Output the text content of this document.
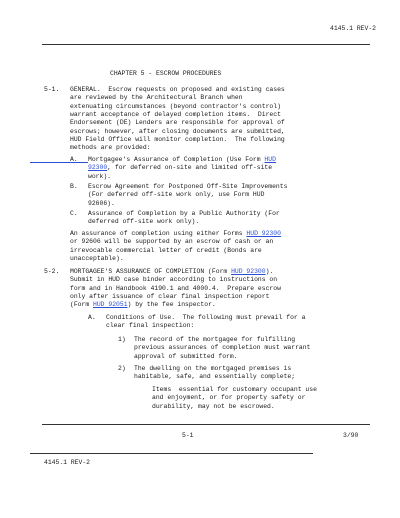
4145.1 REV-2
CHAPTER 5 - ESCROW PROCEDURES
5-1. GENERAL.  Escrow requests on proposed and existing cases
are reviewed by the Architectural Branch when
extenuating circumstances (beyond contractor's control)
warrant acceptance of delayed completion items.  Direct
Endorsement (DE) Lenders are responsible for approval of
escrows; however, after closing documents are submitted,
HUD Field Office will monitor completion.  The following
methods are provided:
A. Mortgagee's Assurance of Completion (Use Form HUD
92300, for deferred on-site and limited off-site
work).
B. Escrow Agreement for Postponed Off-Site Improvements
(For deferred off-site work only, use Form HUD
92606).
C. Assurance of Completion by a Public Authority (For
deferred off-site work only).
An assurance of completion using either Forms HUD 92300
or 92606 will be supported by an escrow of cash or an
irrevocable commercial letter of credit (Bonds are
unacceptable).
5-2. MORTGAGEE'S ASSURANCE OF COMPLETION (Form HUD 92300).
Submit in HUD case binder according to instructions on
form and in Handbook 4190.1 and 4000.4.  Prepare escrow
only after issuance of clear final inspection report
(Form HUD 92051) by the fee inspector.
A. Conditions of Use.  The following must prevail for a
clear final inspection:
1) The record of the mortgagee for fulfilling
previous assurances of completion must warrant
approval of submitted form.
2) The dwelling on the mortgaged premises is
habitable, safe, and essentially complete;
Items  essential for customary occupant use
and enjoyment, or for property safety or
durability, may not be escrowed.
5-1	3/90
4145.1 REV-2
